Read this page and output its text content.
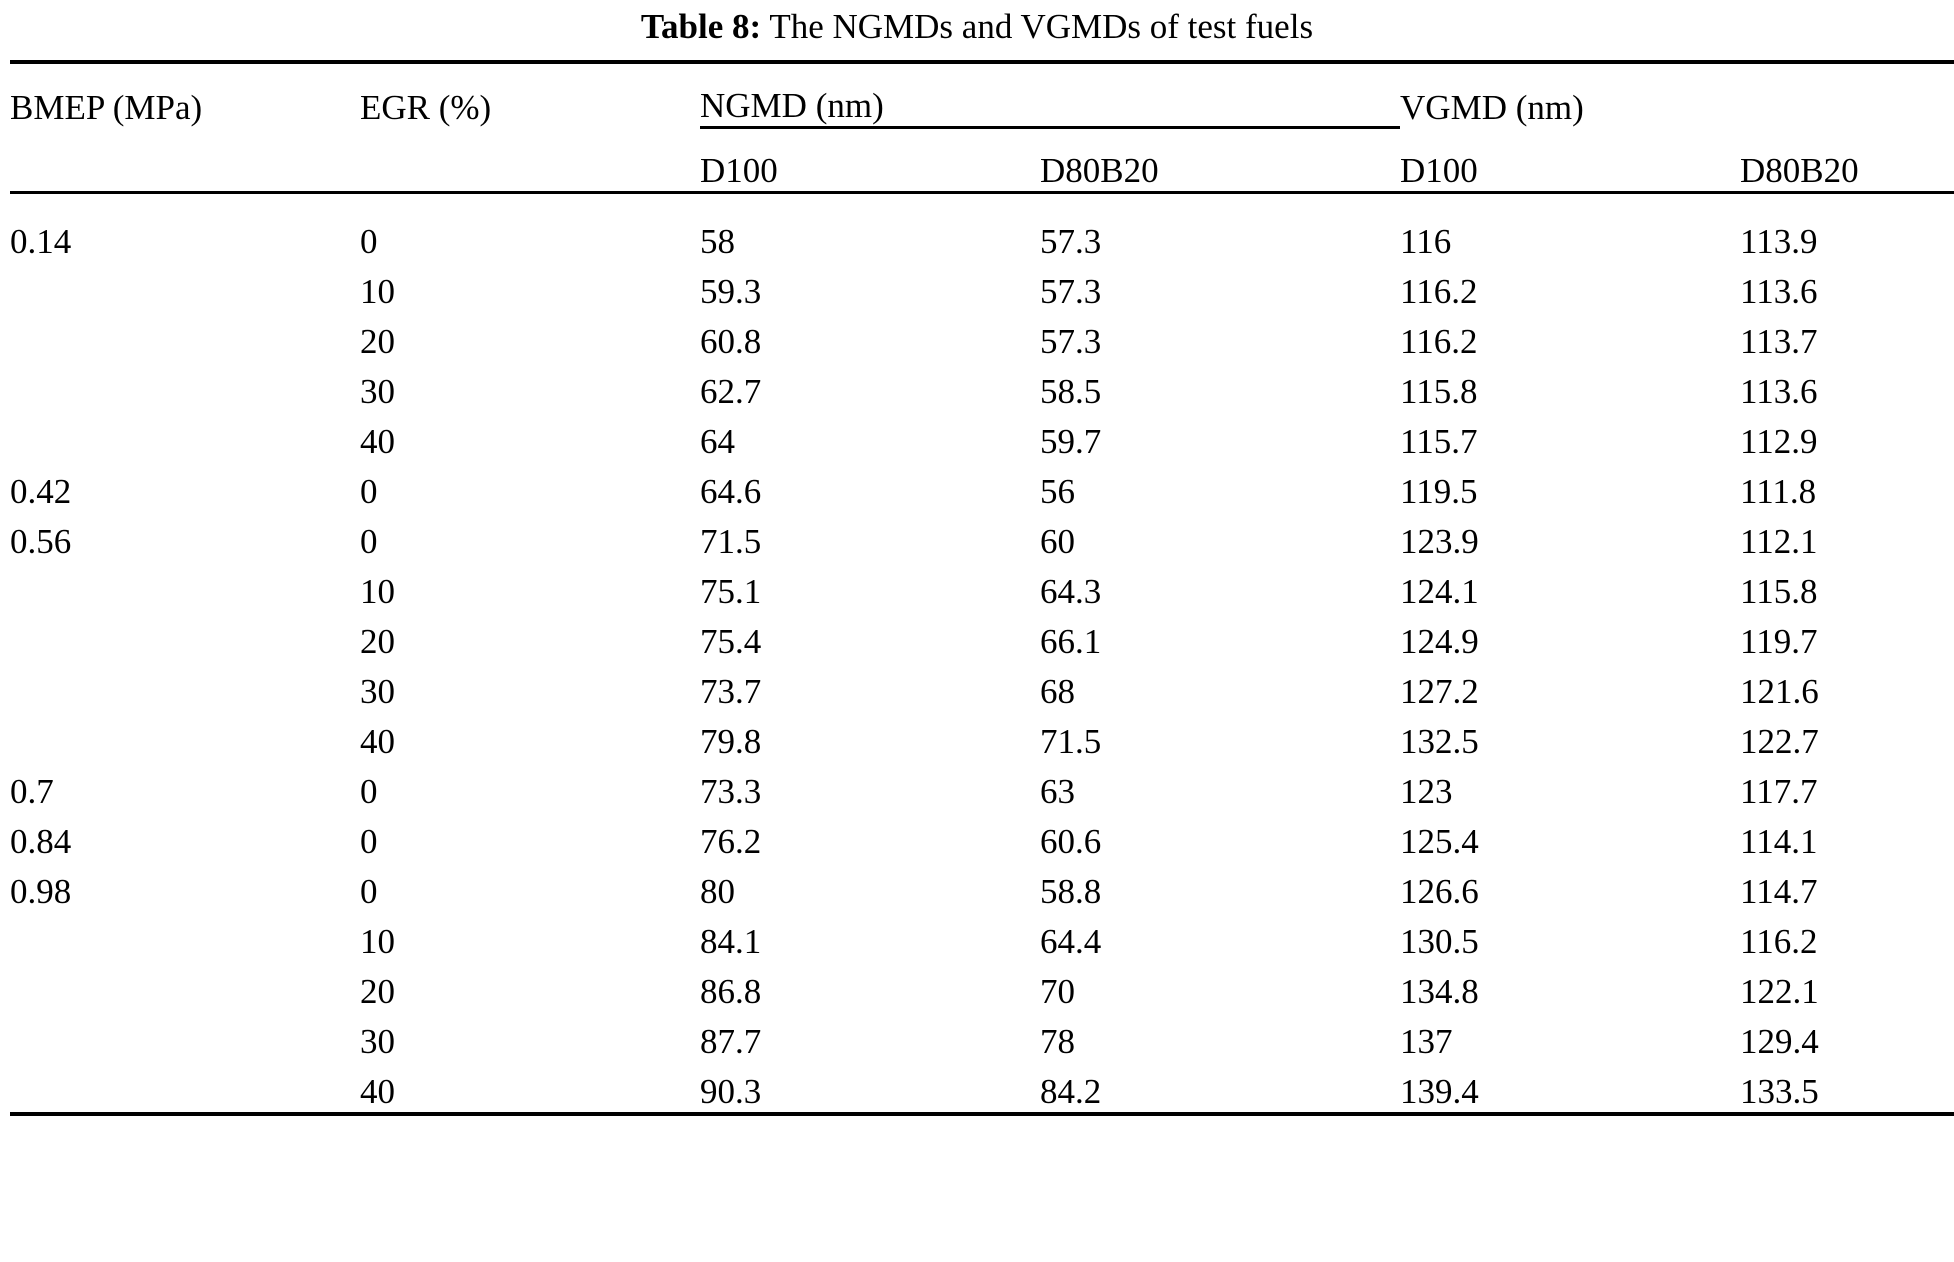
Table 8: The NGMDs and VGMDs of test fuels
BMEP (MPa)	EGR (%)	NGMD (nm)		VGMD (nm)	
		D100	D80B20	D100	D80B20

0.14	0	58	57.3	116	113.9
	10	59.3	57.3	116.2	113.6
	20	60.8	57.3	116.2	113.7
	30	62.7	58.5	115.8	113.6
	40	64	59.7	115.7	112.9
0.42	0	64.6	56	119.5	111.8
0.56	0	71.5	60	123.9	112.1
	10	75.1	64.3	124.1	115.8
	20	75.4	66.1	124.9	119.7
	30	73.7	68	127.2	121.6
	40	79.8	71.5	132.5	122.7
0.7	0	73.3	63	123	117.7
0.84	0	76.2	60.6	125.4	114.1
0.98	0	80	58.8	126.6	114.7
	10	84.1	64.4	130.5	116.2
	20	86.8	70	134.8	122.1
	30	87.7	78	137	129.4
	40	90.3	84.2	139.4	133.5
